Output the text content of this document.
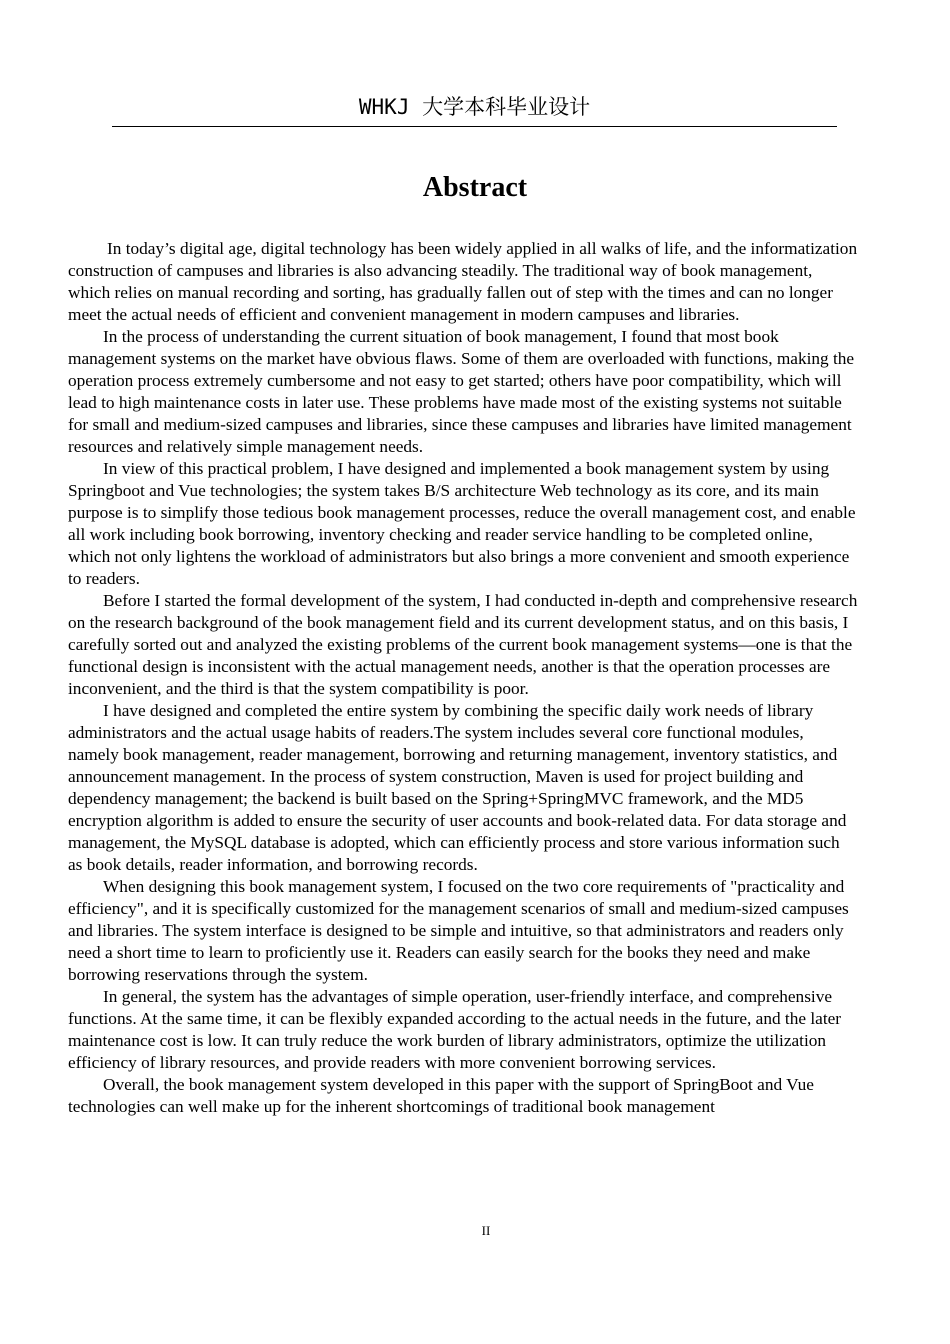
WHKJ 大学本科毕业设计
Abstract

In today’s digital age, digital technology has been widely applied in all walks of life, and the informatization construction of campuses and libraries is also advancing steadily. The traditional way of book management, which relies on manual recording and sorting, has gradually fallen out of step with the times and can no longer meet the actual needs of efficient and convenient management in modern campuses and libraries.

In the process of understanding the current situation of book management, I found that most book management systems on the market have obvious flaws. Some of them are overloaded with functions, making the operation process extremely cumbersome and not easy to get started; others have poor compatibility, which will lead to high maintenance costs in later use. These problems have made most of the existing systems not suitable for small and medium-sized campuses and libraries, since these campuses and libraries have limited management resources and relatively simple management needs.

In view of this practical problem, I have designed and implemented a book management system by using Springboot and Vue technologies; the system takes B/S architecture Web technology as its core, and its main purpose is to simplify those tedious book management processes, reduce the overall management cost, and enable all work including book borrowing, inventory checking and reader service handling to be completed online, which not only lightens the workload of administrators but also brings a more convenient and smooth experience to readers.

Before I started the formal development of the system, I had conducted in-depth and comprehensive research on the research background of the book management field and its current development status, and on this basis, I carefully sorted out and analyzed the existing problems of the current book management systems—one is that the functional design is inconsistent with the actual management needs, another is that the operation processes are inconvenient, and the third is that the system compatibility is poor.

I have designed and completed the entire system by combining the specific daily work needs of library administrators and the actual usage habits of readers.The system includes several core functional modules, namely book management, reader management, borrowing and returning management, inventory statistics, and announcement management. In the process of system construction, Maven is used for project building and dependency management; the backend is built based on the Spring+SpringMVC framework, and the MD5 encryption algorithm is added to ensure the security of user accounts and book-related data. For data storage and management, the MySQL database is adopted, which can efficiently process and store various information such as book details, reader information, and borrowing records.

When designing this book management system, I focused on the two core requirements of "practicality and efficiency", and it is specifically customized for the management scenarios of small and medium-sized campuses and libraries. The system interface is designed to be simple and intuitive, so that administrators and readers only need a short time to learn to proficiently use it. Readers can easily search for the books they need and make borrowing reservations through the system.

In general, the system has the advantages of simple operation, user-friendly interface, and comprehensive functions. At the same time, it can be flexibly expanded according to the actual needs in the future, and the later maintenance cost is low. It can truly reduce the work burden of library administrators, optimize the utilization efficiency of library resources, and provide readers with more convenient borrowing services.

Overall, the book management system developed in this paper with the support of SpringBoot and Vue technologies can well make up for the inherent shortcomings of traditional book management

II
